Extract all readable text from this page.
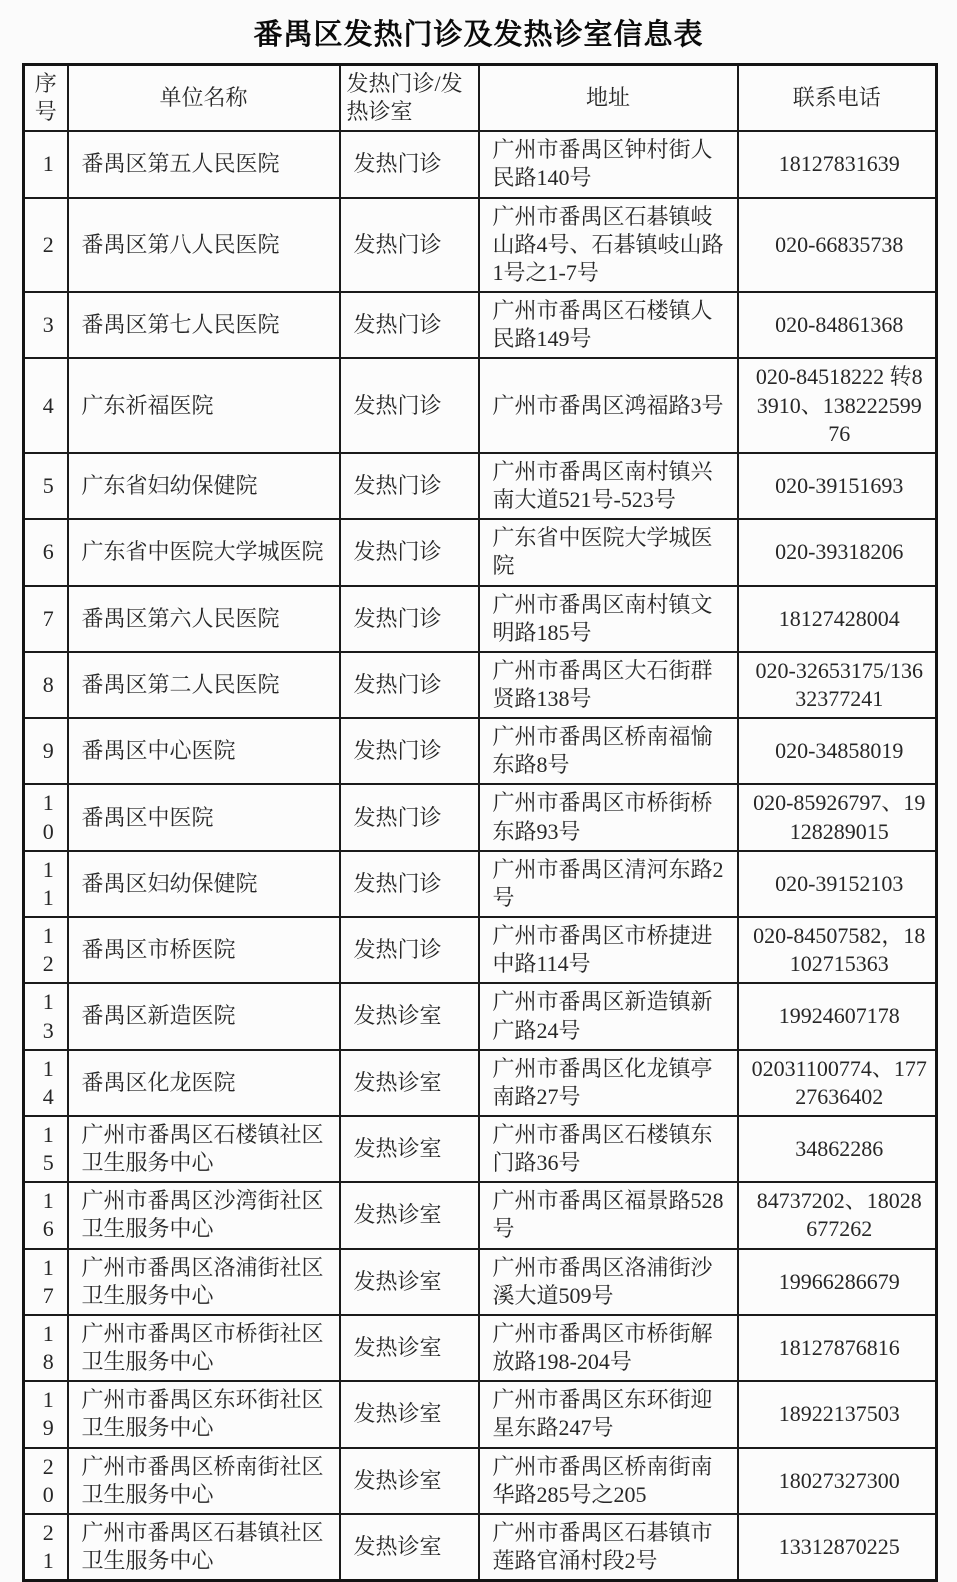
番禺区发热门诊及发热诊室信息表
序号	单位名称	发热门诊/发热诊室	地址	联系电话
1	番禺区第五人民医院	发热门诊	广州市番禺区钟村街人民路140号	18127831639
2	番禺区第八人民医院	发热门诊	广州市番禺区石碁镇岐山路4号、石碁镇岐山路1号之1-7号	020-66835738
3	番禺区第七人民医院	发热门诊	广州市番禺区石楼镇人民路149号	020-84861368
4	广东祈福医院	发热门诊	广州市番禺区鸿福路3号	020-84518222 转83910、13822259976
5	广东省妇幼保健院	发热门诊	广州市番禺区南村镇兴南大道521号-523号	020-39151693
6	广东省中医院大学城医院	发热门诊	广东省中医院大学城医院	020-39318206
7	番禺区第六人民医院	发热门诊	广州市番禺区南村镇文明路185号	18127428004
8	番禺区第二人民医院	发热门诊	广州市番禺区大石街群贤路138号	020-32653175/13632377241
9	番禺区中心医院	发热门诊	广州市番禺区桥南福愉东路8号	020-34858019
10	番禺区中医院	发热门诊	广州市番禺区市桥街桥东路93号	020-85926797、19128289015
11	番禺区妇幼保健院	发热门诊	广州市番禺区清河东路2号	020-39152103
12	番禺区市桥医院	发热门诊	广州市番禺区市桥捷进中路114号	020-84507582，18102715363
13	番禺区新造医院	发热诊室	广州市番禺区新造镇新广路24号	19924607178
14	番禺区化龙医院	发热诊室	广州市番禺区化龙镇亭南路27号	02031100774、17727636402
15	广州市番禺区石楼镇社区卫生服务中心	发热诊室	广州市番禺区石楼镇东门路36号	34862286
16	广州市番禺区沙湾街社区卫生服务中心	发热诊室	广州市番禺区福景路528号	84737202、18028677262
17	广州市番禺区洛浦街社区卫生服务中心	发热诊室	广州市番禺区洛浦街沙溪大道509号	19966286679
18	广州市番禺区市桥街社区卫生服务中心	发热诊室	广州市番禺区市桥街解放路198-204号	18127876816
19	广州市番禺区东环街社区卫生服务中心	发热诊室	广州市番禺区东环街迎星东路247号	18922137503
20	广州市番禺区桥南街社区卫生服务中心	发热诊室	广州市番禺区桥南街南华路285号之205	18027327300
21	广州市番禺区石碁镇社区卫生服务中心	发热诊室	广州市番禺区石碁镇市莲路官涌村段2号	13312870225
